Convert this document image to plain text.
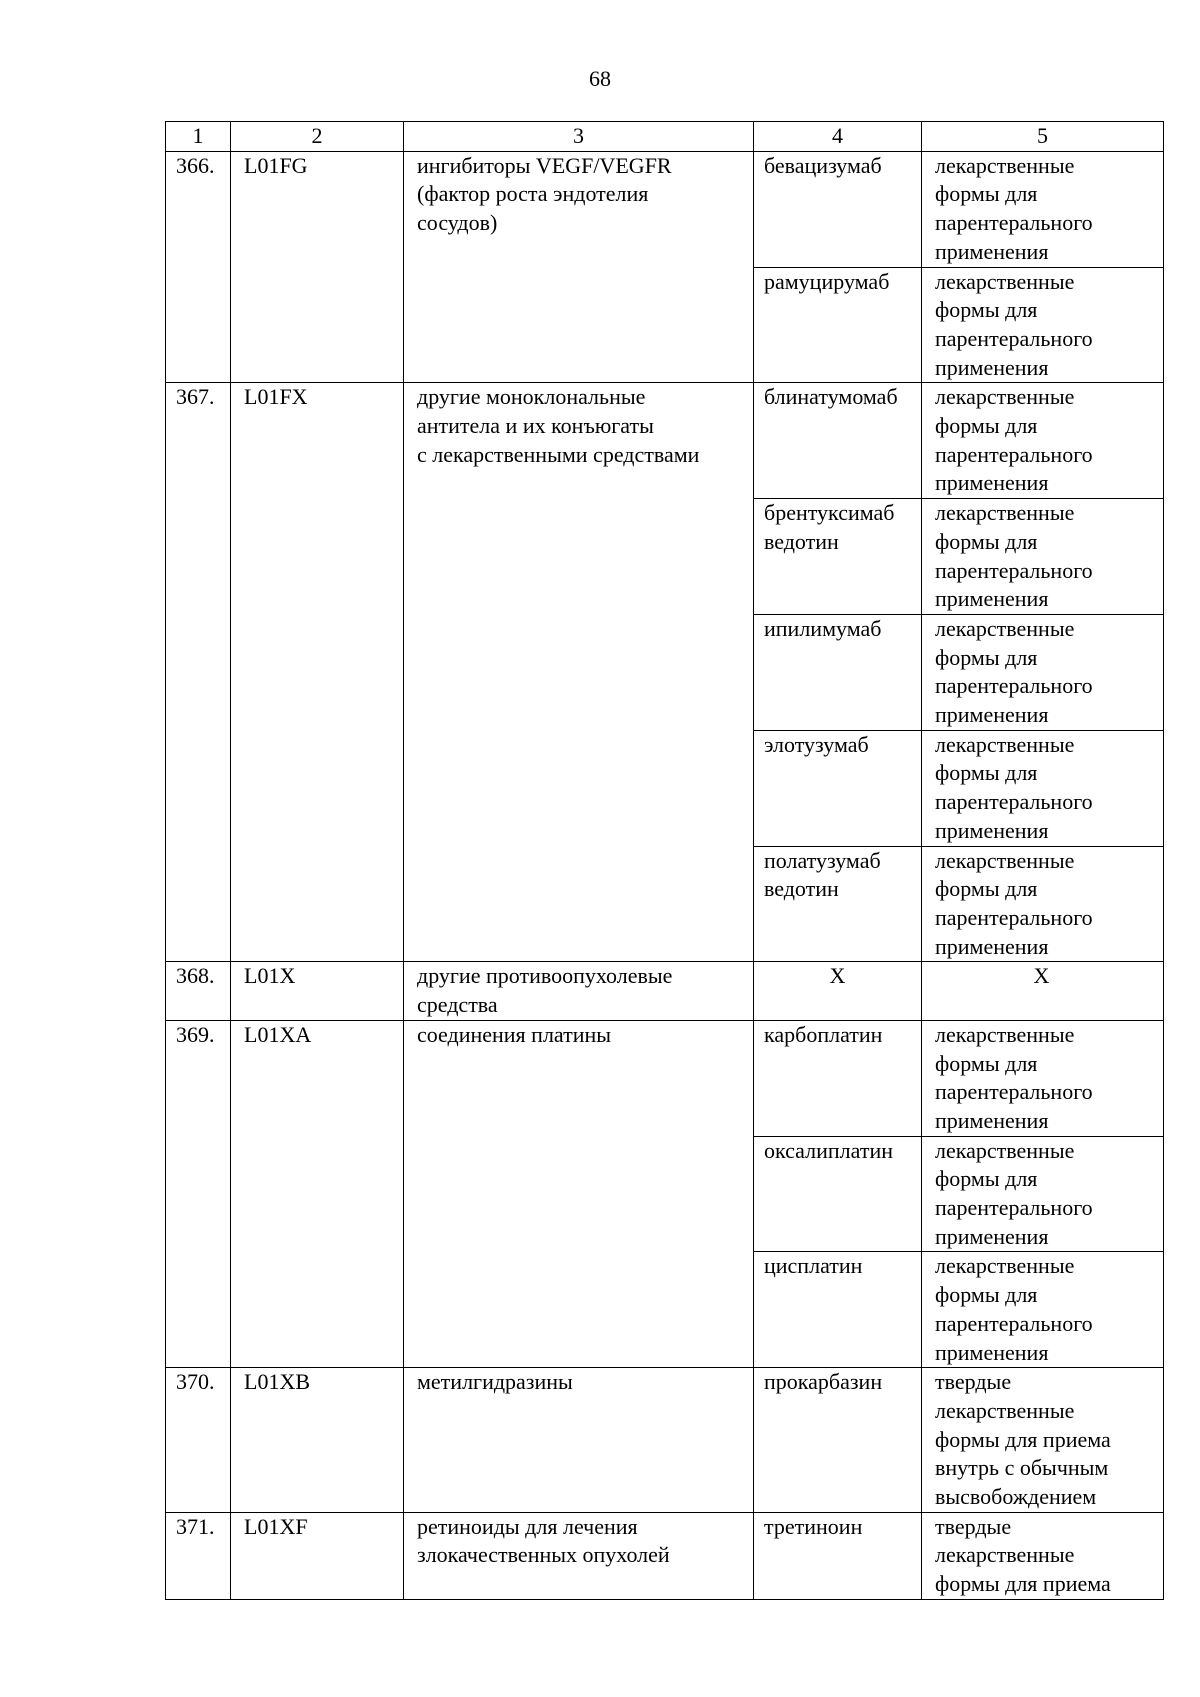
68
1	2	3	4	5
366.	L01FG	ингибиторы VEGF/VEGFR
(фактор роста эндотелия
сосудов)	бевацизумаб	лекарственные
формы для
парентерального
применения
			рамуцирумаб	лекарственные
формы для
парентерального
применения
367.	L01FX	другие моноклональные
антитела и их конъюгаты
с лекарственными средствами	блинатумомаб	лекарственные
формы для
парентерального
применения
			брентуксимаб
ведотин	лекарственные
формы для
парентерального
применения
			ипилимумаб	лекарственные
формы для
парентерального
применения
			элотузумаб	лекарственные
формы для
парентерального
применения
			полатузумаб
ведотин	лекарственные
формы для
парентерального
применения
368.	L01X	другие противоопухолевые
средства	Х	Х
369.	L01XA	соединения платины	карбоплатин	лекарственные
формы для
парентерального
применения
			оксалиплатин	лекарственные
формы для
парентерального
применения
			цисплатин	лекарственные
формы для
парентерального
применения
370.	L01XB	метилгидразины	прокарбазин	твердые
лекарственные
формы для приема
внутрь с обычным
высвобождением
371.	L01XF	ретиноиды для лечения
злокачественных опухолей	третиноин	твердые
лекарственные
формы для приема
